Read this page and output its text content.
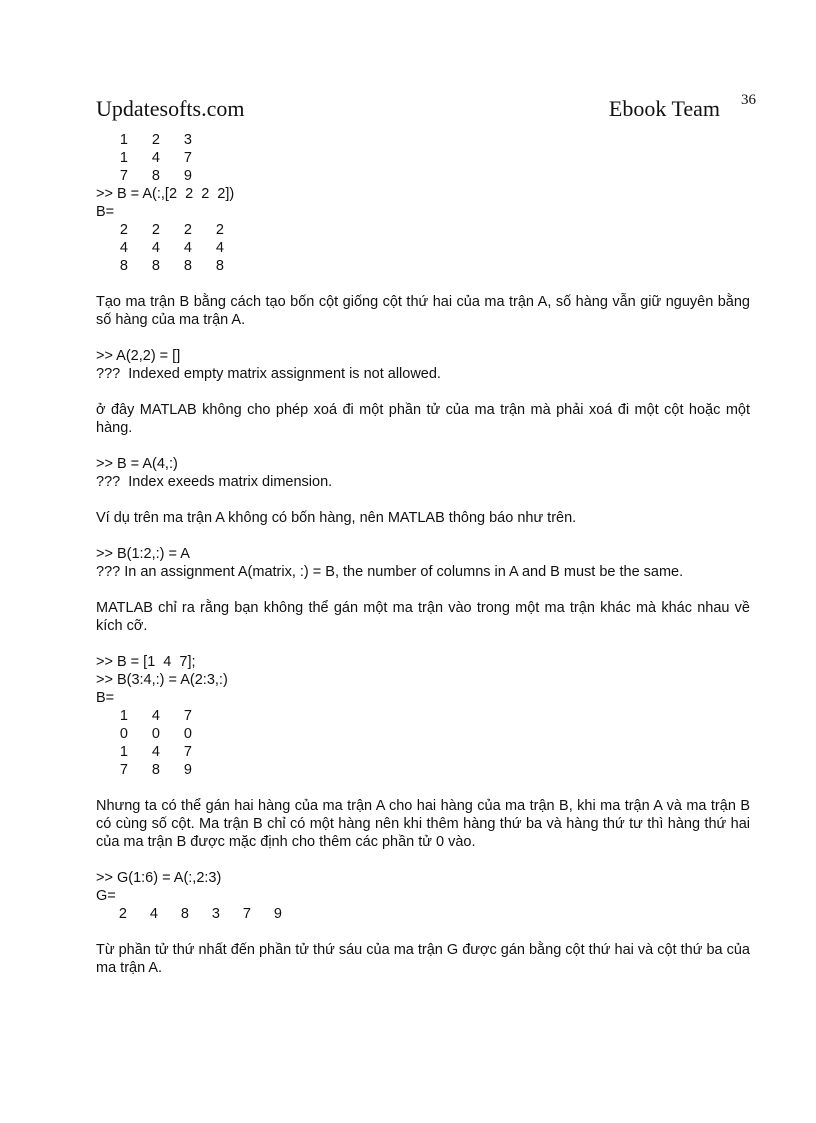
Updatesofts.com	Ebook Team 36
1	2	3
1	4	7
7	8	9

>> B = A(:,[2  2  2  2])

B=

2	2	2	2
4	4	4	4
8	8	8	8

Tạo ma trận B bằng cách tạo bốn cột giống cột thứ hai của ma trận A, số hàng vẫn giữ nguyên bằng số hàng của ma trận A.

>> A(2,2) = []

???  Indexed empty matrix assignment is not allowed.

ở đây MATLAB không cho phép xoá đi một phần tử của ma trận mà phải xoá đi một cột hoặc một hàng.

>> B = A(4,:)

???  Index exeeds matrix dimension.

Ví dụ trên ma trận A không có bốn hàng, nên MATLAB thông báo như trên.

>> B(1:2,:) = A

??? In an assignment A(matrix, :) = B, the number of columns in A and B must be the same.

MATLAB chỉ ra rằng bạn không thể gán một ma trận vào trong một ma trận khác mà khác nhau về kích cỡ.

>> B = [1  4  7];

>> B(3:4,:) = A(2:3,:)

B=

1	4	7
0	0	0
1	4	7
7	8	9

Nhưng ta có thể gán hai hàng của ma trận A cho hai hàng của ma trận B, khi ma trận A và ma trận B có cùng số cột. Ma trận B chỉ có một hàng nên khi thêm hàng thứ ba và hàng thứ tư thì hàng thứ hai của ma trận B được mặc định cho thêm các phần tử 0 vào.

>> G(1:6) = A(:,2:3)

G=

2	4	8	3	7	9

Từ phần tử thứ nhất đến phần tử thứ sáu của ma trận G được gán bằng cột thứ hai và cột thứ ba của ma trận A.
